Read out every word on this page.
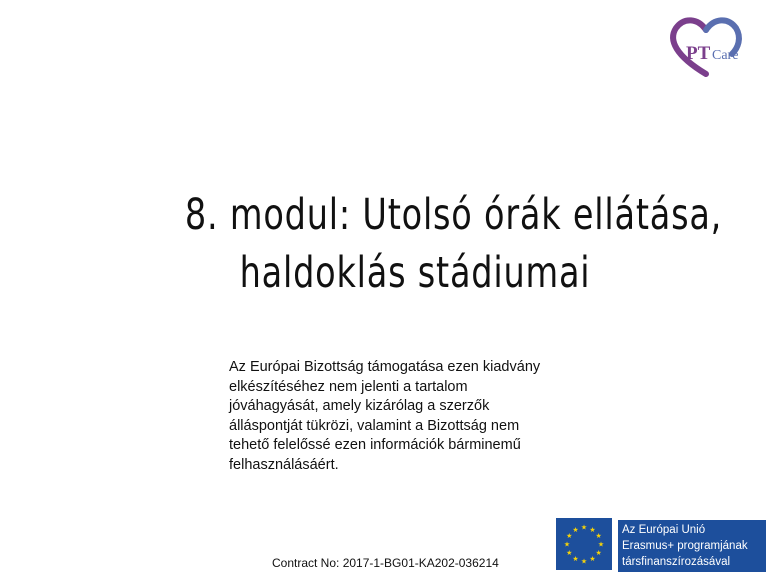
PT Care
8. modul: Utolsó órák ellátása,
haldoklás stádiumai
Az Európai Bizottság támogatása ezen kiadvány
elkészítéséhez nem jelenti a tartalom
jóváhagyását, amely kizárólag a szerzők
álláspontját tükrözi, valamint a Bizottság nem
tehető felelőssé ezen információk bárminemű
felhasználásáért.
Contract No: 2017-1-BG01-KA202-036214
★ ★
★
★
★
★
★
★
★
★
★
★	Az Európai Unió
Erasmus+ programjának
társfinanszírozásával
